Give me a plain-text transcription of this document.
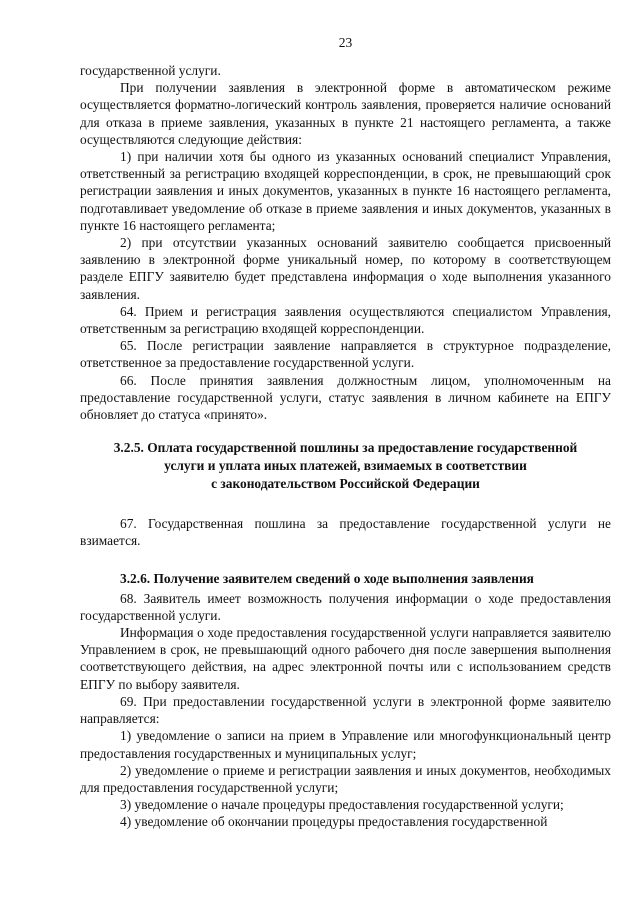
23

государственной услуги.

При получении заявления в электронной форме в автоматическом режиме осуществляется форматно-логический контроль заявления, проверяется наличие оснований для отказа в приеме заявления, указанных в пункте 21 настоящего регламента, а также осуществляются следующие действия:

1) при наличии хотя бы одного из указанных оснований специалист Управления, ответственный за регистрацию входящей корреспонденции, в срок, не превышающий срок регистрации заявления и иных документов, указанных в пункте 16 настоящего регламента, подготавливает уведомление об отказе в приеме заявления и иных документов, указанных в пункте 16 настоящего регламента;

2) при отсутствии указанных оснований заявителю сообщается присвоенный заявлению в электронной форме уникальный номер, по которому в соответствующем разделе ЕПГУ заявителю будет представлена информация о ходе выполнения указанного заявления.

64. Прием и регистрация заявления осуществляются специалистом Управления, ответственным за регистрацию входящей корреспонденции.

65. После регистрации заявление направляется в структурное подразделение, ответственное за предоставление государственной услуги.

66. После принятия заявления должностным лицом, уполномоченным на предоставление государственной услуги, статус заявления в личном кабинете на ЕПГУ обновляет до статуса «принято».

3.2.5. Оплата государственной пошлины за предоставление государственной

услуги и уплата иных платежей, взимаемых в соответствии

с законодательством Российской Федерации

67. Государственная пошлина за предоставление государственной услуги не взимается.

3.2.6. Получение заявителем сведений о ходе выполнения заявления

68. Заявитель имеет возможность получения информации о ходе предоставления государственной услуги.

Информация о ходе предоставления государственной услуги направляется заявителю Управлением в срок, не превышающий одного рабочего дня после завершения выполнения соответствующего действия, на адрес электронной почты или с использованием средств ЕПГУ по выбору заявителя.

69. При предоставлении государственной услуги в электронной форме заявителю направляется:

1) уведомление о записи на прием в Управление или многофункциональный центр предоставления государственных и муниципальных услуг;

2) уведомление о приеме и регистрации заявления и иных документов, необходимых для предоставления государственной услуги;

3) уведомление о начале процедуры предоставления государственной услуги;

4) уведомление об окончании процедуры предоставления государственной
